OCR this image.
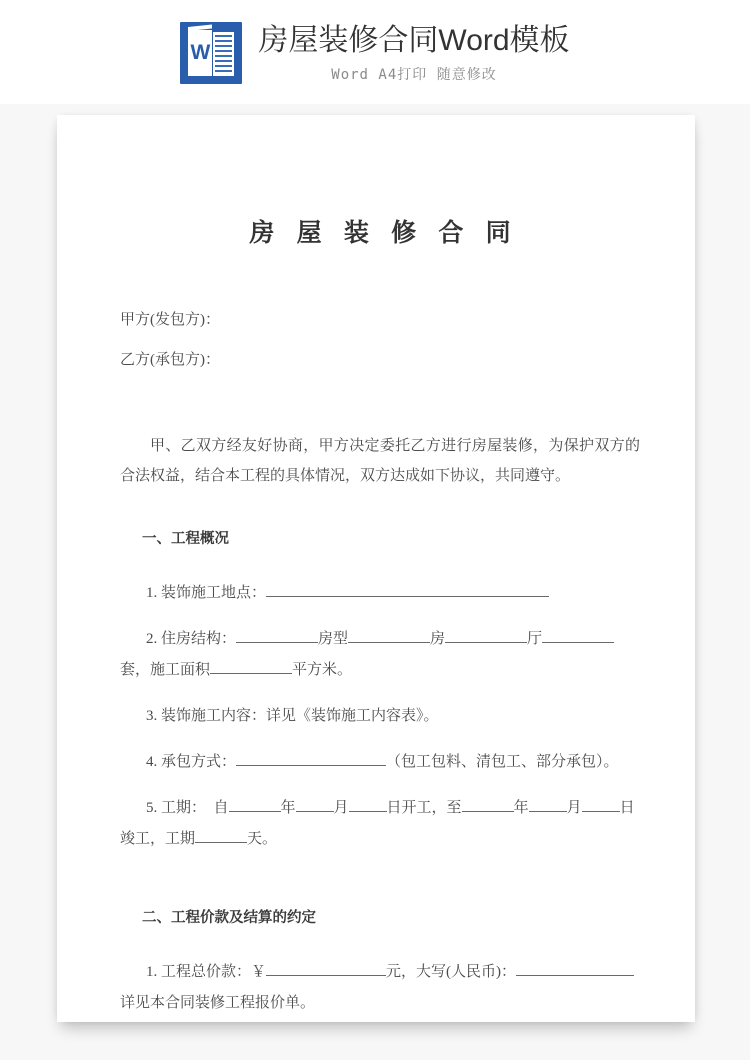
W 房屋装修合同Word模板
Word A4打印 随意修改
房 屋 装 修 合 同

甲方(发包方)：

乙方(承包方)：

甲、乙双方经友好协商，甲方决定委托乙方进行房屋装修，为保护双方的合法权益，结合本工程的具体情况，双方达成如下协议，共同遵守。

一、工程概况

1. 装饰施工地点：

2. 住房结构：	房型	房	厅套，施工面积	平方米。

3. 装饰施工内容：详见《装饰施工内容表》。

4. 承包方式：	（包工包料、清包工、部分承包）。

5. 工期：　自	年	月	日开工，至	年	月	日竣工，工期	天。

二、工程价款及结算的约定

1. 工程总价款：￥	元，大写(人民币)：详见本合同装修工程报价单。
